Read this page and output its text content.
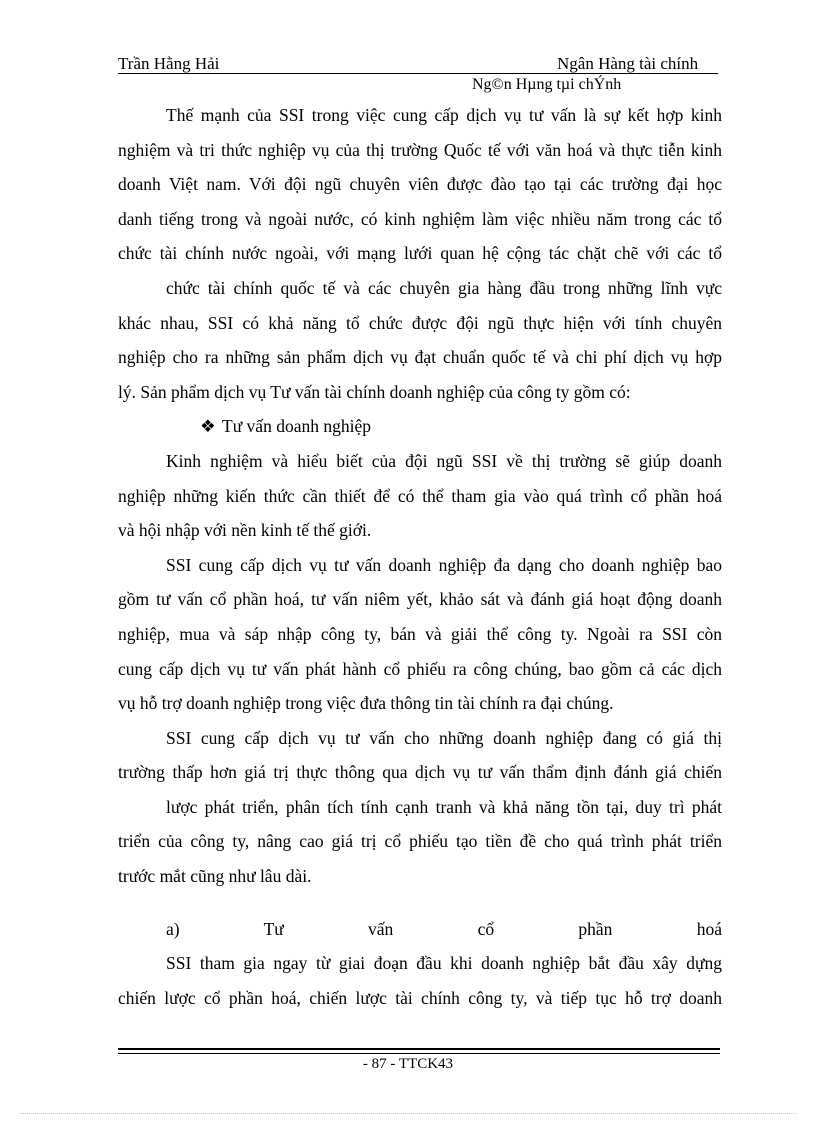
Trần Hằng Hải	Ngân Hàng tài chính
Ng©n Hµng tµi chÝnh
Thế mạnh của SSI trong việc cung cấp dịch vụ tư vấn là sự kết hợp kinh
nghiệm và tri thức nghiệp vụ của thị trường Quốc tế với văn hoá và thực tiễn kinh
doanh Việt nam. Với đội ngũ chuyên viên được đào tạo tại các trường đại học
danh tiếng trong và ngoài nước, có kinh nghiệm làm việc nhiều năm trong các tổ
chức tài chính nước ngoài, với mạng lưới quan hệ cộng tác chặt chẽ với các tổ
chức tài chính quốc tế và các chuyên gia hàng đầu trong những lĩnh vực
khác nhau, SSI có khả năng tổ chức được đội ngũ thực hiện với tính chuyên
nghiệp cho ra những sản phẩm dịch vụ đạt chuẩn quốc tế và chi phí dịch vụ hợp
lý. Sản phẩm dịch vụ Tư vấn tài chính doanh nghiệp của công ty gồm có:
❖ Tư vấn doanh nghiệp
Kinh nghiệm và hiểu biết của đội ngũ SSI về thị trường sẽ giúp doanh
nghiệp những kiến thức cần thiết để có thể tham gia vào quá trình cổ phần hoá
và hội nhập với nền kinh tế thế giới.
SSI cung cấp dịch vụ tư vấn doanh nghiệp đa dạng cho doanh nghiệp bao
gồm tư vấn cổ phần hoá, tư vấn niêm yết, khảo sát và đánh giá hoạt động doanh
nghiệp, mua và sáp nhập công ty, bán và giải thể công ty. Ngoài ra SSI còn
cung cấp dịch vụ tư vấn phát hành cổ phiếu ra công chúng, bao gồm cả các dịch
vụ hỗ trợ doanh nghiệp trong việc đưa thông tin tài chính ra đại chúng.
SSI cung cấp dịch vụ tư vấn cho những doanh nghiệp đang có giá thị
trường thấp hơn giá trị thực thông qua dịch vụ tư vấn thẩm định đánh giá chiến
lược phát triển, phân tích tính cạnh tranh và khả năng tồn tại, duy trì phát
triển của công ty, nâng cao giá trị cổ phiếu tạo tiền đề cho quá trình phát triển
trước mắt cũng như lâu dài.
a) Tư vấn cổ phần hoá
SSI tham gia ngay từ giai đoạn đầu khi doanh nghiệp bắt đầu xây dựng
chiến lược cổ phần hoá, chiến lược tài chính công ty, và tiếp tục hỗ trợ doanh
- 87 - TTCK43
